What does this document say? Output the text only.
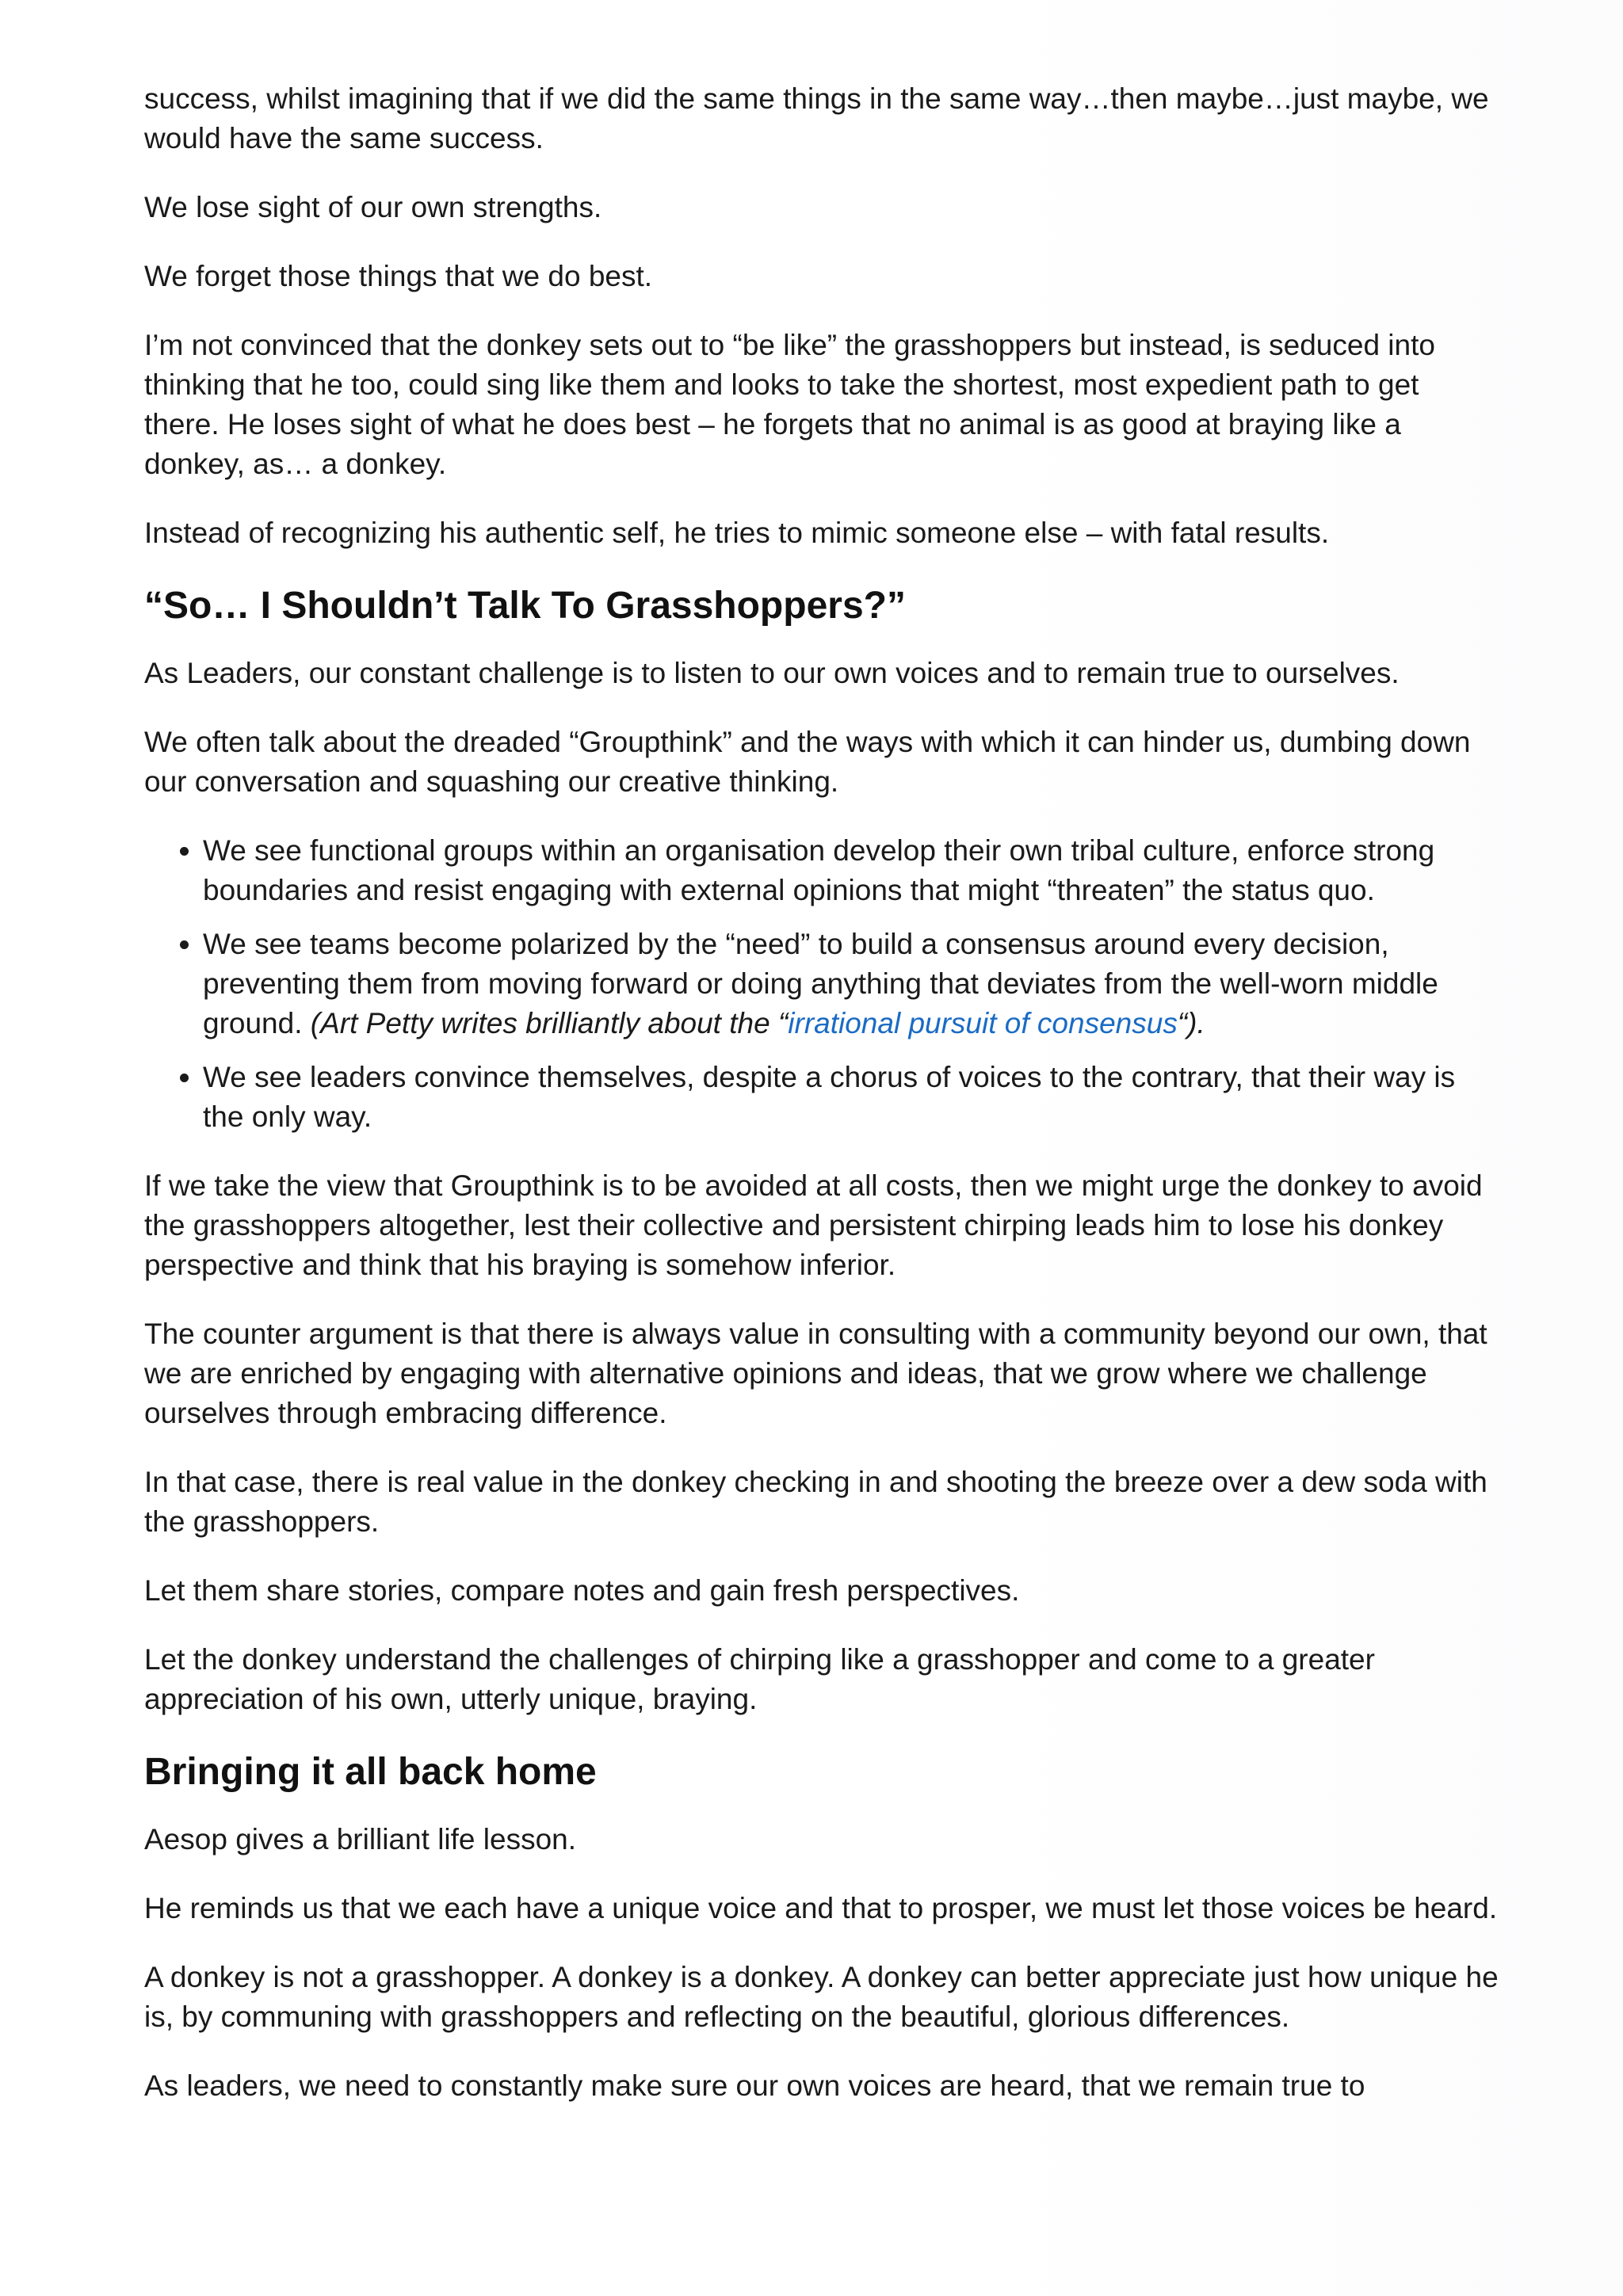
success, whilst imagining that if we did the same things in the same way…then maybe…just maybe, we would have the same success.

We lose sight of our own strengths.

We forget those things that we do best.

I’m not convinced that the donkey sets out to “be like” the grasshoppers but instead, is seduced into thinking that he too, could sing like them and looks to take the shortest, most expedient path to get there. He loses sight of what he does best – he forgets that no animal is as good at braying like a donkey, as… a donkey.

Instead of recognizing his authentic self, he tries to mimic someone else – with fatal results.

“So… I Shouldn’t Talk To Grasshoppers?”

As Leaders, our constant challenge is to listen to our own voices and to remain true to ourselves.

We often talk about the dreaded “Groupthink” and the ways with which it can hinder us, dumbing down our conversation and squashing our creative thinking.

• We see functional groups within an organisation develop their own tribal culture, enforce strong boundaries and resist engaging with external opinions that might “threaten” the status quo.
• We see teams become polarized by the “need” to build a consensus around every decision, preventing them from moving forward or doing anything that deviates from the well-worn middle ground. (Art Petty writes brilliantly about the “irrational pursuit of consensus“).
• We see leaders convince themselves, despite a chorus of voices to the contrary, that their way is the only way.

If we take the view that Groupthink is to be avoided at all costs, then we might urge the donkey to avoid the grasshoppers altogether, lest their collective and persistent chirping leads him to lose his donkey perspective and think that his braying is somehow inferior.

The counter argument is that there is always value in consulting with a community beyond our own, that we are enriched by engaging with alternative opinions and ideas, that we grow where we challenge ourselves through embracing difference.

In that case, there is real value in the donkey checking in and shooting the breeze over a dew soda with the grasshoppers.

Let them share stories, compare notes and gain fresh perspectives.

Let the donkey understand the challenges of chirping like a grasshopper and come to a greater appreciation of his own, utterly unique, braying.

Bringing it all back home

Aesop gives a brilliant life lesson.

He reminds us that we each have a unique voice and that to prosper, we must let those voices be heard.

A donkey is not a grasshopper. A donkey is a donkey. A donkey can better appreciate just how unique he is, by communing with grasshoppers and reflecting on the beautiful, glorious differences.

As leaders, we need to constantly make sure our own voices are heard, that we remain true to
